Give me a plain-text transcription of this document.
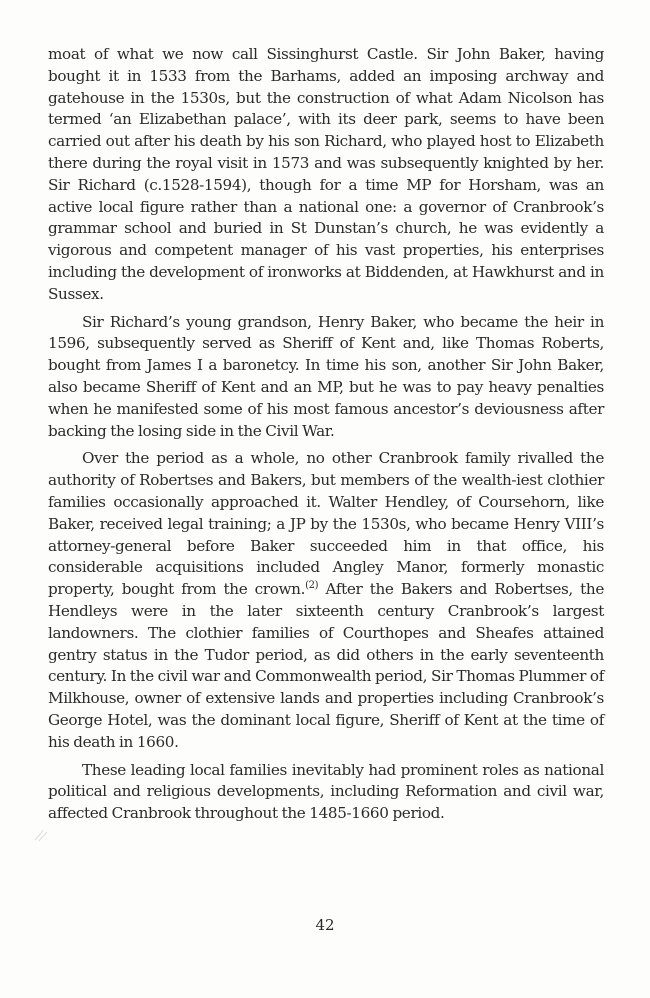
moat of what we now call Sissinghurst Castle. Sir John Baker, having bought it in 1533 from the Barhams, added an imposing archway and gatehouse in the 1530s, but the construction of what Adam Nicolson has termed ‘an Elizabethan palace’, with its deer park, seems to have been carried out after his death by his son Richard, who played host to Elizabeth there during the royal visit in 1573 and was subsequently knighted by her. Sir Richard (c.1528-1594), though for a time MP for Horsham, was an active local figure rather than a national one: a governor of Cranbrook’s grammar school and buried in St Dunstan’s church, he was evidently a vigorous and competent manager of his vast properties, his enterprises including the development of ironworks at Biddenden, at Hawkhurst and in Sussex.

Sir Richard’s young grandson, Henry Baker, who became the heir in 1596, subsequently served as Sheriff of Kent and, like Thomas Roberts, bought from James I a baronetcy. In time his son, another Sir John Baker, also became Sheriff of Kent and an MP, but he was to pay heavy penalties when he manifested some of his most famous ancestor’s deviousness after backing the losing side in the Civil War.

Over the period as a whole, no other Cranbrook family rivalled the authority of Robertses and Bakers, but members of the wealth-iest clothier families occasionally approached it. Walter Hendley, of Coursehorn, like Baker, received legal training; a JP by the 1530s, who became Henry VIII’s attorney-general before Baker succeeded him in that office, his considerable acquisitions included Angley Manor, formerly monastic property, bought from the crown.$^{(2)}$ After the Bakers and Robertses, the Hendleys were in the later sixteenth century Cranbrook’s largest landowners. The clothier families of Courthopes and Sheafes attained gentry status in the Tudor period, as did others in the early seventeenth century. In the civil war and Commonwealth period, Sir Thomas Plummer of Milkhouse, owner of extensive lands and properties including Cranbrook’s George Hotel, was the dominant local figure, Sheriff of Kent at the time of his death in 1660.

These leading local families inevitably had prominent roles as national political and religious developments, including Reformation and civil war, affected Cranbrook throughout the 1485-1660 period.

42
